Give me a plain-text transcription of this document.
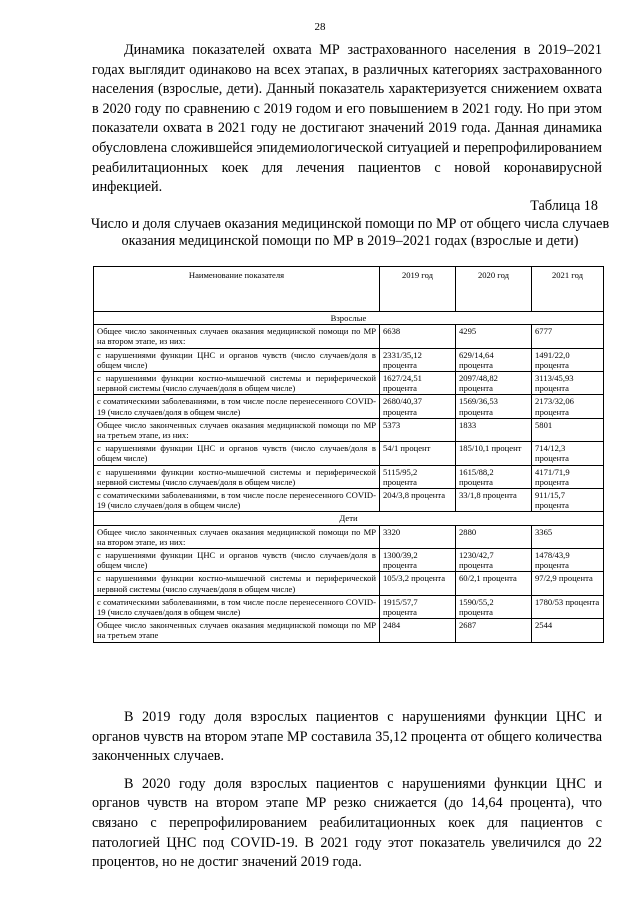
28
Динамика показателей охвата МР застрахованного населения в 2019–2021 годах выглядит одинаково на всех этапах, в различных категориях застрахованного населения (взрослые, дети). Данный показатель характеризуется снижением охвата в 2020 году по сравнению с 2019 годом и его повышением в 2021 году. Но при этом показатели охвата в 2021 году не достигают значений 2019 года. Данная динамика обусловлена сложившейся эпидемиологической ситуацией и перепрофилированием реабилитационных коек для лечения пациентов с новой коронавирусной инфекцией.
Таблица 18
Число и доля случаев оказания медицинской помощи по МР от общего числа случаев оказания медицинской помощи по МР в 2019–2021 годах (взрослые и дети)
Наименование показателя	2019 год	2020 год	2021 год
Взрослые			
Общее число законченных случаев оказания медицинской помощи по МР на втором этапе, из них:	6638	4295	6777
с нарушениями функции ЦНС и органов чувств (число случаев/доля в общем числе)	2331/35,12 процента	629/14,64 процента	1491/22,0 процента
с нарушениями функции костно-мышечной системы и периферической нервной системы (число случаев/доля в общем числе)	1627/24,51 процента	2097/48,82 процента	3113/45,93 процента
с соматическими заболеваниями, в том числе после перенесенного COVID-19 (число случаев/доля в общем числе)	2680/40,37 процента	1569/36,53 процента	2173/32,06 процента
Общее число законченных случаев оказания медицинской помощи по МР на третьем этапе, из них:	5373	1833	5801
с нарушениями функции ЦНС и органов чувств (число случаев/доля в общем числе)	54/1 процент	185/10,1 процент	714/12,3 процента
с нарушениями функции костно-мышечной системы и периферической нервной системы (число случаев/доля в общем числе)	5115/95,2 процента	1615/88,2 процента	4171/71,9 процента
с соматическими заболеваниями, в том числе после перенесенного COVID-19 (число случаев/доля в общем числе)	204/3,8 процента	33/1,8 процента	911/15,7 процента
Дети			
Общее число законченных случаев оказания медицинской помощи по МР на втором этапе, из них:	3320	2880	3365
с нарушениями функции ЦНС и органов чувств (число случаев/доля в общем числе)	1300/39,2 процента	1230/42,7 процента	1478/43,9 процента
с нарушениями функции костно-мышечной системы и периферической нервной системы (число случаев/доля в общем числе)	105/3,2 процента	60/2,1 процента	97/2,9 процента
с соматическими заболеваниями, в том числе после перенесенного COVID-19 (число случаев/доля в общем числе)	1915/57,7 процента	1590/55,2 процента	1780/53 процента
Общее число законченных случаев оказания медицинской помощи по МР на третьем этапе	2484	2687	2544
В 2019 году доля взрослых пациентов с нарушениями функции ЦНС и органов чувств на втором этапе МР составила 35,12 процента от общего количества законченных случаев.
В 2020 году доля взрослых пациентов с нарушениями функции ЦНС и органов чувств на втором этапе МР резко снижается (до 14,64 процента), что связано с перепрофилированием реабилитационных коек для пациентов с патологией ЦНС под COVID-19. В 2021 году этот показатель увеличился до 22 процентов, но не достиг значений 2019 года.
